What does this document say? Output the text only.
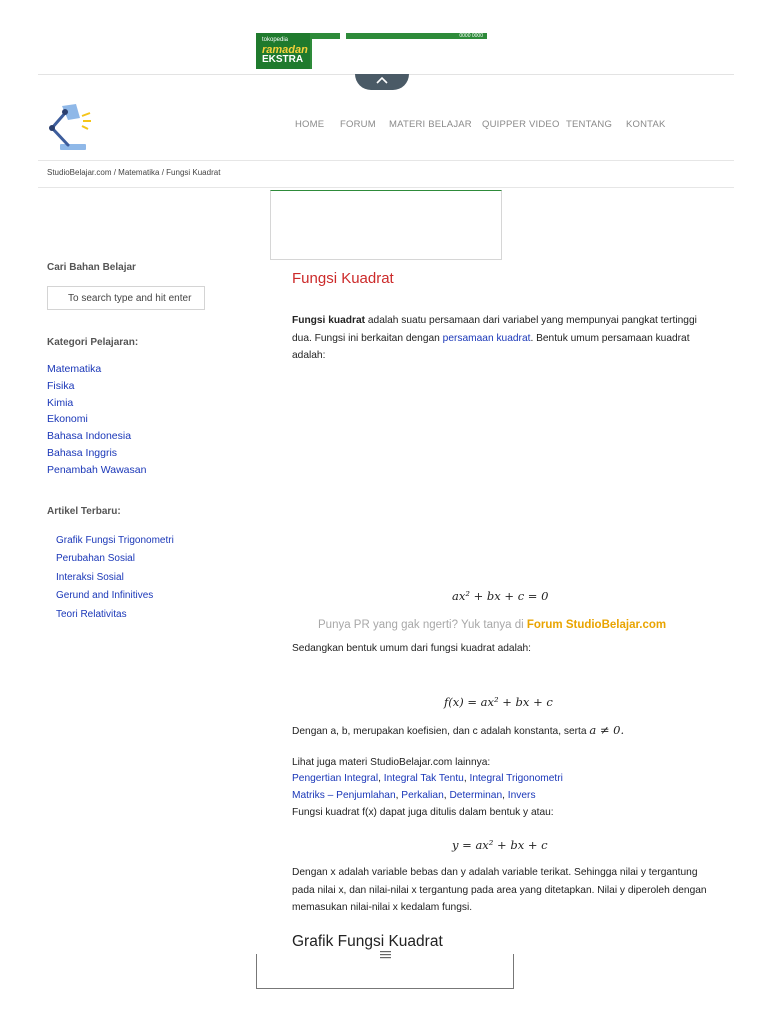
tokopedia
ramadan
EKSTRA
0000 0000
HOME FORUM MATERI BELAJAR QUIPPER VIDEO TENTANG KONTAK
StudioBelajar.com / Matematika / Fungsi Kuadrat
Cari Bahan Belajar
To search type and hit enter
Kategori Pelajaran:
Matematika
Fisika
Kimia
Ekonomi
Bahasa Indonesia
Bahasa Inggris
Penambah Wawasan
Artikel Terbaru:
Grafik Fungsi Trigonometri
Perubahan Sosial
Interaksi Sosial
Gerund and Infinitives
Teori Relativitas
Fungsi Kuadrat
Fungsi kuadrat adalah suatu persamaan dari variabel yang mempunyai pangkat tertinggi dua. Fungsi ini berkaitan dengan persamaan kuadrat. Bentuk umum persamaan kuadrat adalah:
ax² + bx + c = 0
Punya PR yang gak ngerti? Yuk tanya di Forum StudioBelajar.com
Sedangkan bentuk umum dari fungsi kuadrat adalah:
f(x) = ax² + bx + c
Dengan a, b, merupakan koefisien, dan c adalah konstanta, serta a ≠ 0.
Lihat juga materi StudioBelajar.com lainnya:
Pengertian Integral, Integral Tak Tentu, Integral Trigonometri
Matriks – Penjumlahan, Perkalian, Determinan, Invers
Fungsi kuadrat f(x) dapat juga ditulis dalam bentuk y atau:
y = ax² + bx + c
Dengan x adalah variable bebas dan y adalah variable terikat. Sehingga nilai y tergantung pada nilai x, dan nilai-nilai x tergantung pada area yang ditetapkan. Nilai y diperoleh dengan memasukan nilai-nilai x kedalam fungsi.
Grafik Fungsi Kuadrat
